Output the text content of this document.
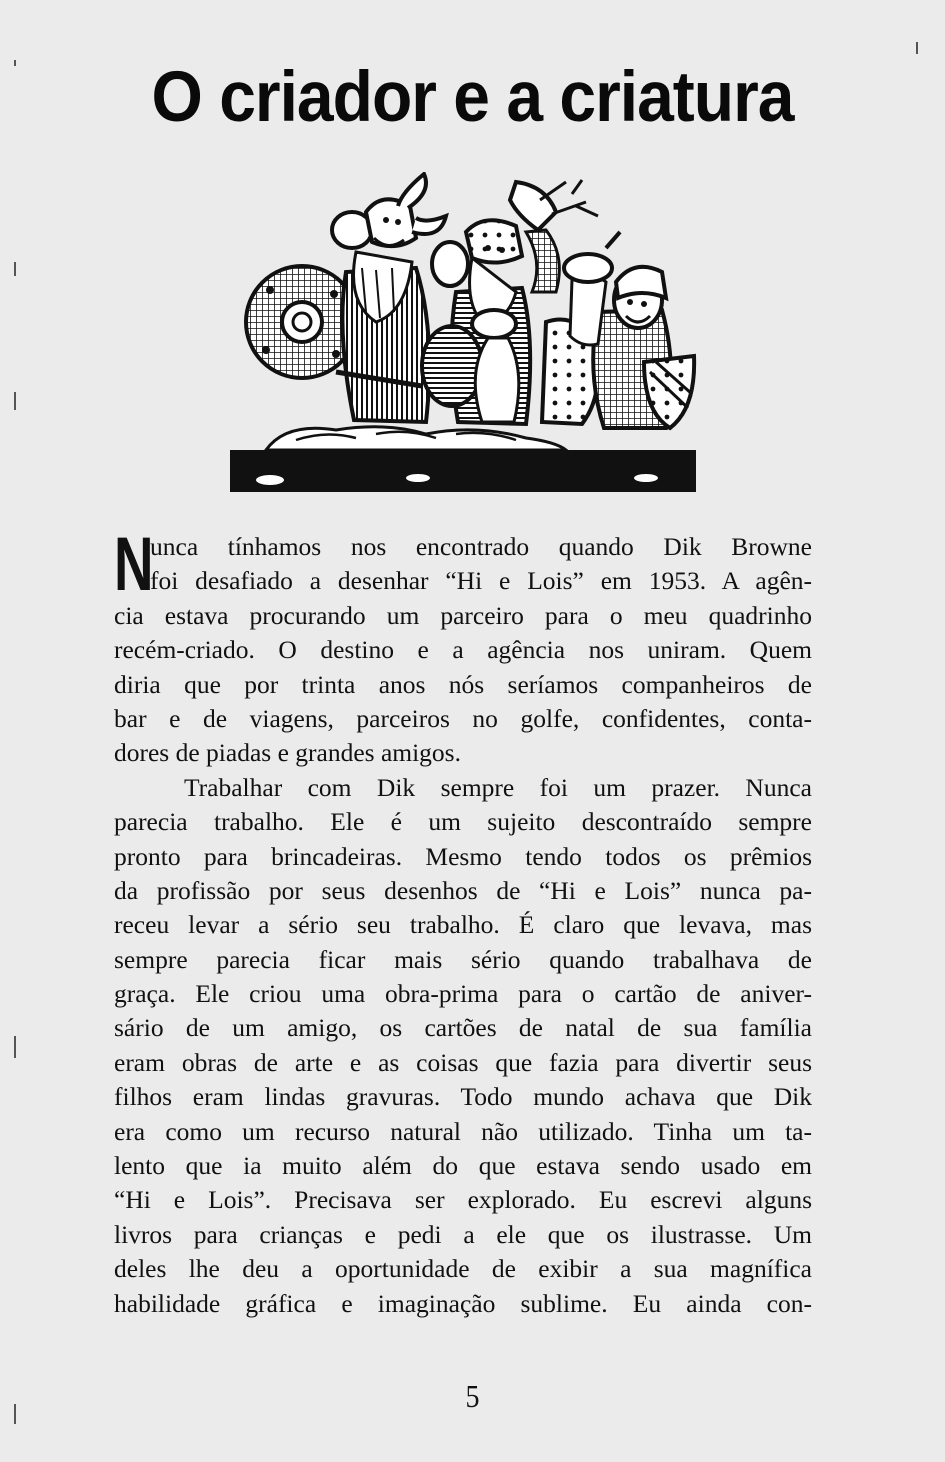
O criador e a criatura
N
unca tínhamos nos encontrado quando Dik Browne
foi desafiado a desenhar “Hi e Lois” em 1953. A agên-
cia estava procurando um parceiro para o meu quadrinho
recém-criado. O destino e a agência nos uniram. Quem
diria que por trinta anos nós seríamos companheiros de
bar e de viagens, parceiros no golfe, confidentes, conta-
dores de piadas e grandes amigos.
Trabalhar com Dik sempre foi um prazer. Nunca
parecia trabalho. Ele é um sujeito descontraído sempre
pronto para brincadeiras. Mesmo tendo todos os prêmios
da profissão por seus desenhos de “Hi e Lois” nunca pa-
receu levar a sério seu trabalho. É claro que levava, mas
sempre parecia ficar mais sério quando trabalhava de
graça. Ele criou uma obra-prima para o cartão de aniver-
sário de um amigo, os cartões de natal de sua família
eram obras de arte e as coisas que fazia para divertir seus
filhos eram lindas gravuras. Todo mundo achava que Dik
era como um recurso natural não utilizado. Tinha um ta-
lento que ia muito além do que estava sendo usado em
“Hi e Lois”. Precisava ser explorado. Eu escrevi alguns
livros para crianças e pedi a ele que os ilustrasse. Um
deles lhe deu a oportunidade de exibir a sua magnífica
habilidade gráfica e imaginação sublime. Eu ainda con-
5
